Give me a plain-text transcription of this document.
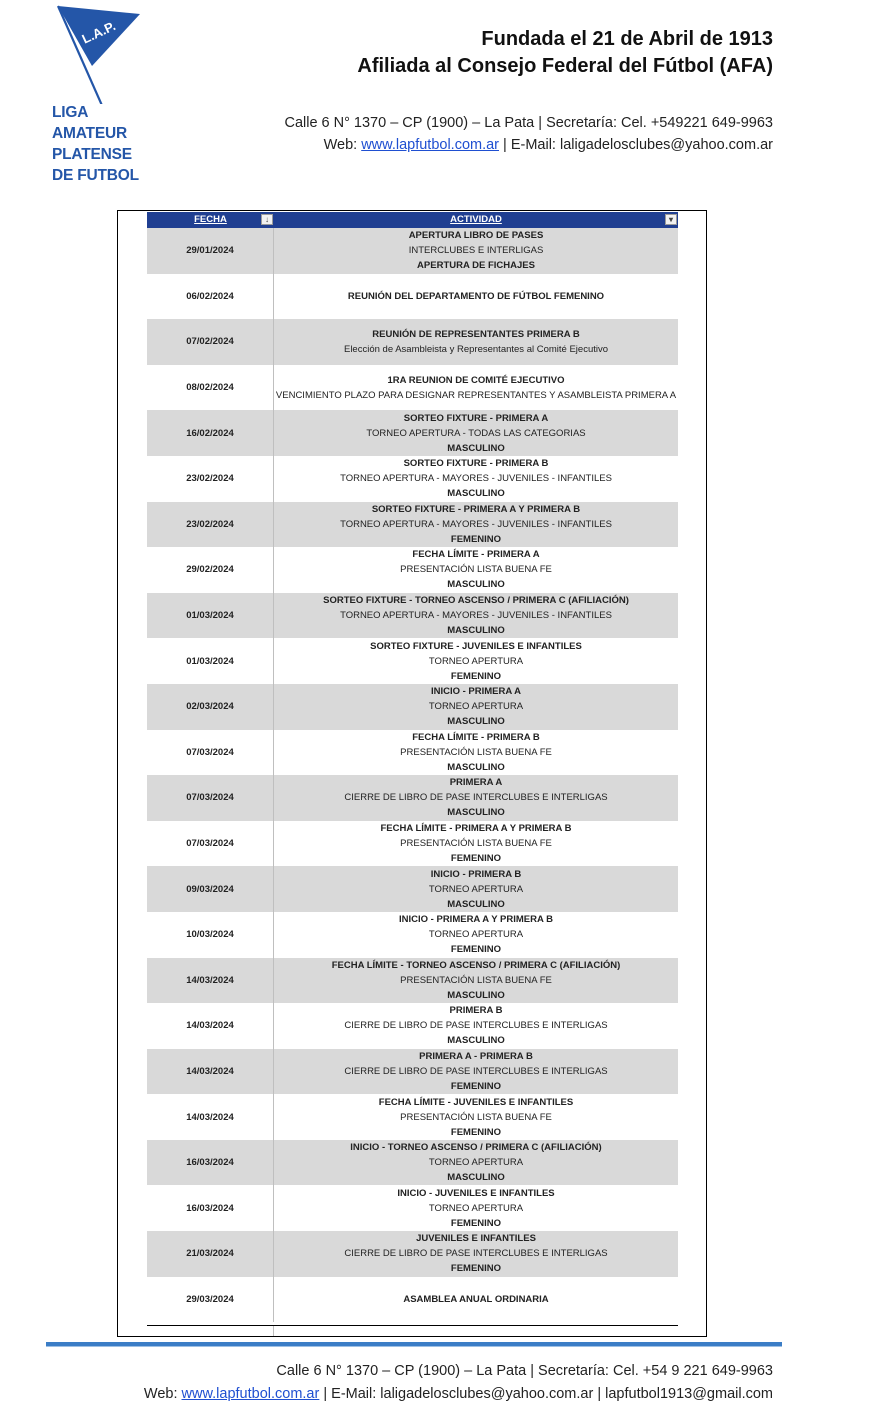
L.A.P.
LIGA
AMATEUR
PLATENSE
DE FUTBOL
Fundada el 21 de Abril de 1913
Afiliada al Consejo Federal del Fútbol (AFA)
Calle 6 N° 1370 – CP (1900) – La Pata | Secretaría: Cel. +549221 649-9963
Web: www.lapfutbol.com.ar | E-Mail: laligadelosclubes@yahoo.com.ar
FECHA	↓	ACTIVIDAD	▾
29/01/2024
APERTURA LIBRO DE PASES
INTERCLUBES E INTERLIGAS
APERTURA DE FICHAJES
06/02/2024	REUNIÓN DEL DEPARTAMENTO DE FÚTBOL FEMENINO
07/02/2024
REUNIÓN DE REPRESENTANTES PRIMERA B
Elección de Asambleista y Representantes al Comité Ejecutivo
08/02/2024
1RA REUNION DE COMITÉ EJECUTIVO
VENCIMIENTO PLAZO PARA DESIGNAR REPRESENTANTES Y ASAMBLEISTA PRIMERA A
16/02/2024
SORTEO FIXTURE - PRIMERA A
TORNEO APERTURA - TODAS LAS CATEGORIAS
MASCULINO
23/02/2024
SORTEO FIXTURE - PRIMERA B
TORNEO APERTURA - MAYORES - JUVENILES - INFANTILES
MASCULINO
23/02/2024
SORTEO FIXTURE - PRIMERA A Y PRIMERA B
TORNEO APERTURA - MAYORES - JUVENILES - INFANTILES
FEMENINO
29/02/2024
FECHA LÍMITE - PRIMERA A
PRESENTACIÓN LISTA BUENA FE
MASCULINO
01/03/2024
SORTEO FIXTURE - TORNEO ASCENSO / PRIMERA C (AFILIACIÓN)
TORNEO APERTURA - MAYORES - JUVENILES - INFANTILES
MASCULINO
01/03/2024
SORTEO FIXTURE - JUVENILES E INFANTILES
TORNEO APERTURA
FEMENINO
02/03/2024
INICIO - PRIMERA A
TORNEO APERTURA
MASCULINO
07/03/2024
FECHA LÍMITE - PRIMERA B
PRESENTACIÓN LISTA BUENA FE
MASCULINO
07/03/2024
PRIMERA A
CIERRE DE LIBRO DE PASE INTERCLUBES E INTERLIGAS
MASCULINO
07/03/2024
FECHA LÍMITE - PRIMERA A Y PRIMERA B
PRESENTACIÓN LISTA BUENA FE
FEMENINO
09/03/2024
INICIO - PRIMERA B
TORNEO APERTURA
MASCULINO
10/03/2024
INICIO - PRIMERA A Y PRIMERA B
TORNEO APERTURA
FEMENINO
14/03/2024
FECHA LÍMITE - TORNEO ASCENSO / PRIMERA C (AFILIACIÓN)
PRESENTACIÓN LISTA BUENA FE
MASCULINO
14/03/2024
PRIMERA B
CIERRE DE LIBRO DE PASE INTERCLUBES E INTERLIGAS
MASCULINO
14/03/2024
PRIMERA A - PRIMERA B
CIERRE DE LIBRO DE PASE INTERCLUBES E INTERLIGAS
FEMENINO
14/03/2024
FECHA LÍMITE - JUVENILES E INFANTILES
PRESENTACIÓN LISTA BUENA FE
FEMENINO
16/03/2024
INICIO - TORNEO ASCENSO / PRIMERA C (AFILIACIÓN)
TORNEO APERTURA
MASCULINO
16/03/2024
INICIO - JUVENILES E INFANTILES
TORNEO APERTURA
FEMENINO
21/03/2024
JUVENILES E INFANTILES
CIERRE DE LIBRO DE PASE INTERCLUBES E INTERLIGAS
FEMENINO
29/03/2024	ASAMBLEA ANUAL ORDINARIA
Calle 6 N° 1370 – CP (1900) – La Pata | Secretaría: Cel. +54 9 221 649-9963
Web: www.lapfutbol.com.ar | E-Mail: laligadelosclubes@yahoo.com.ar | lapfutbol1913@gmail.com
